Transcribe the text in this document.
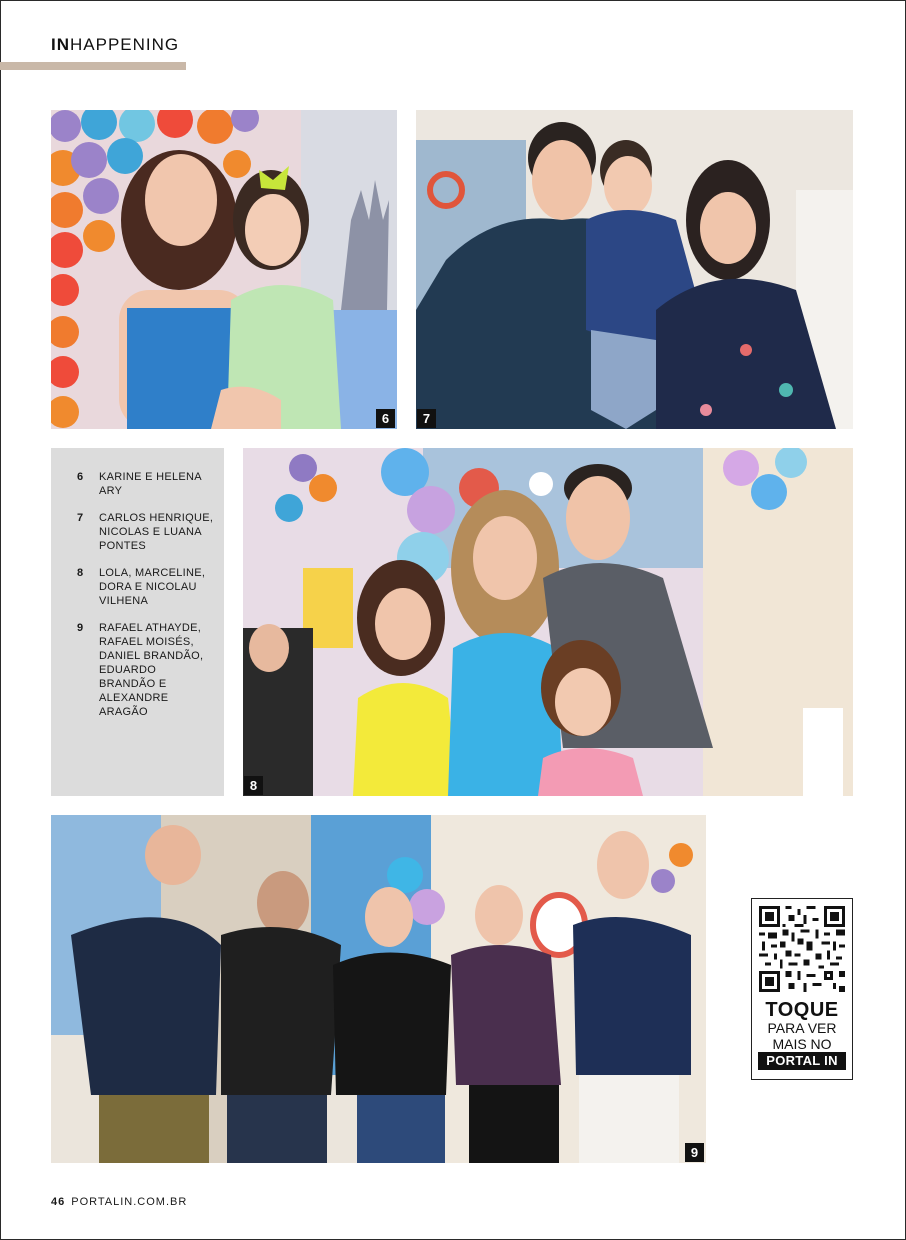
INHAPPENING
6	7
6	KARINE E HELENA ARY
7	CARLOS HENRIQUE, NICOLAS E LUANA PONTES
8	LOLA, MARCELINE, DORA E NICOLAU VILHENA
9	RAFAEL ATHAYDE, RAFAEL MOISÉS, DANIEL BRANDÃO, EDUARDO BRANDÃO E ALEXANDRE ARAGÃO
8
9
TOQUE
PARA VER MAIS NO
PORTAL IN
46 PORTALIN.COM.BR
